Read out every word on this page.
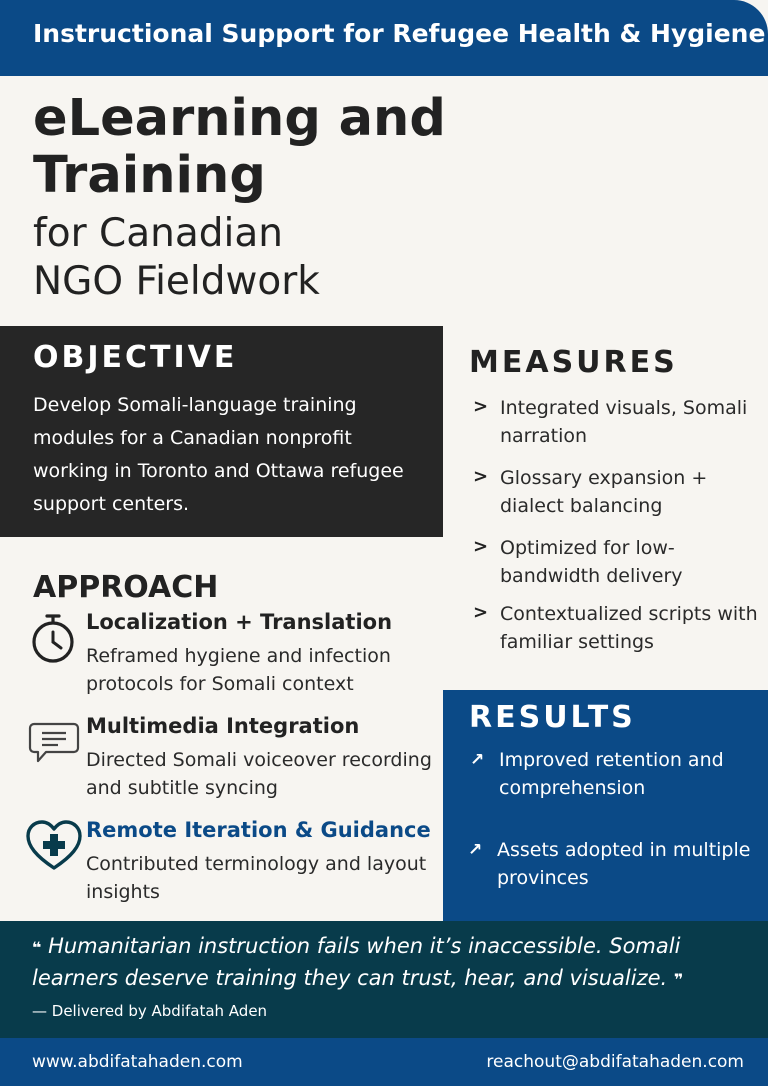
Instructional Support for Refugee Health & Hygiene
eLearning and
Training
for Canadian
NGO Fieldwork
OBJECTIVE
Develop Somali-language training modules for a Canadian nonprofit working in Toronto and Ottawa refugee support centers.
MEASURES
> Integrated visuals, Somali narration
> Glossary expansion + dialect balancing
> Optimized for low-bandwidth delivery
> Contextualized scripts with familiar settings
APPROACH
Localization + Translation
Reframed hygiene and infection protocols for Somali context
Multimedia Integration
Directed Somali voiceover recording and subtitle syncing
Remote Iteration & Guidance
Contributed terminology and layout insights
RESULTS
↗ Improved retention and comprehension
↗ Assets adopted in multiple provinces
❝ Humanitarian instruction fails when it’s inaccessible. Somali learners deserve training they can trust, hear, and visualize. ❞
— Delivered by Abdifatah Aden
www.abdifatahaden.com	reachout@abdifatahaden.com
